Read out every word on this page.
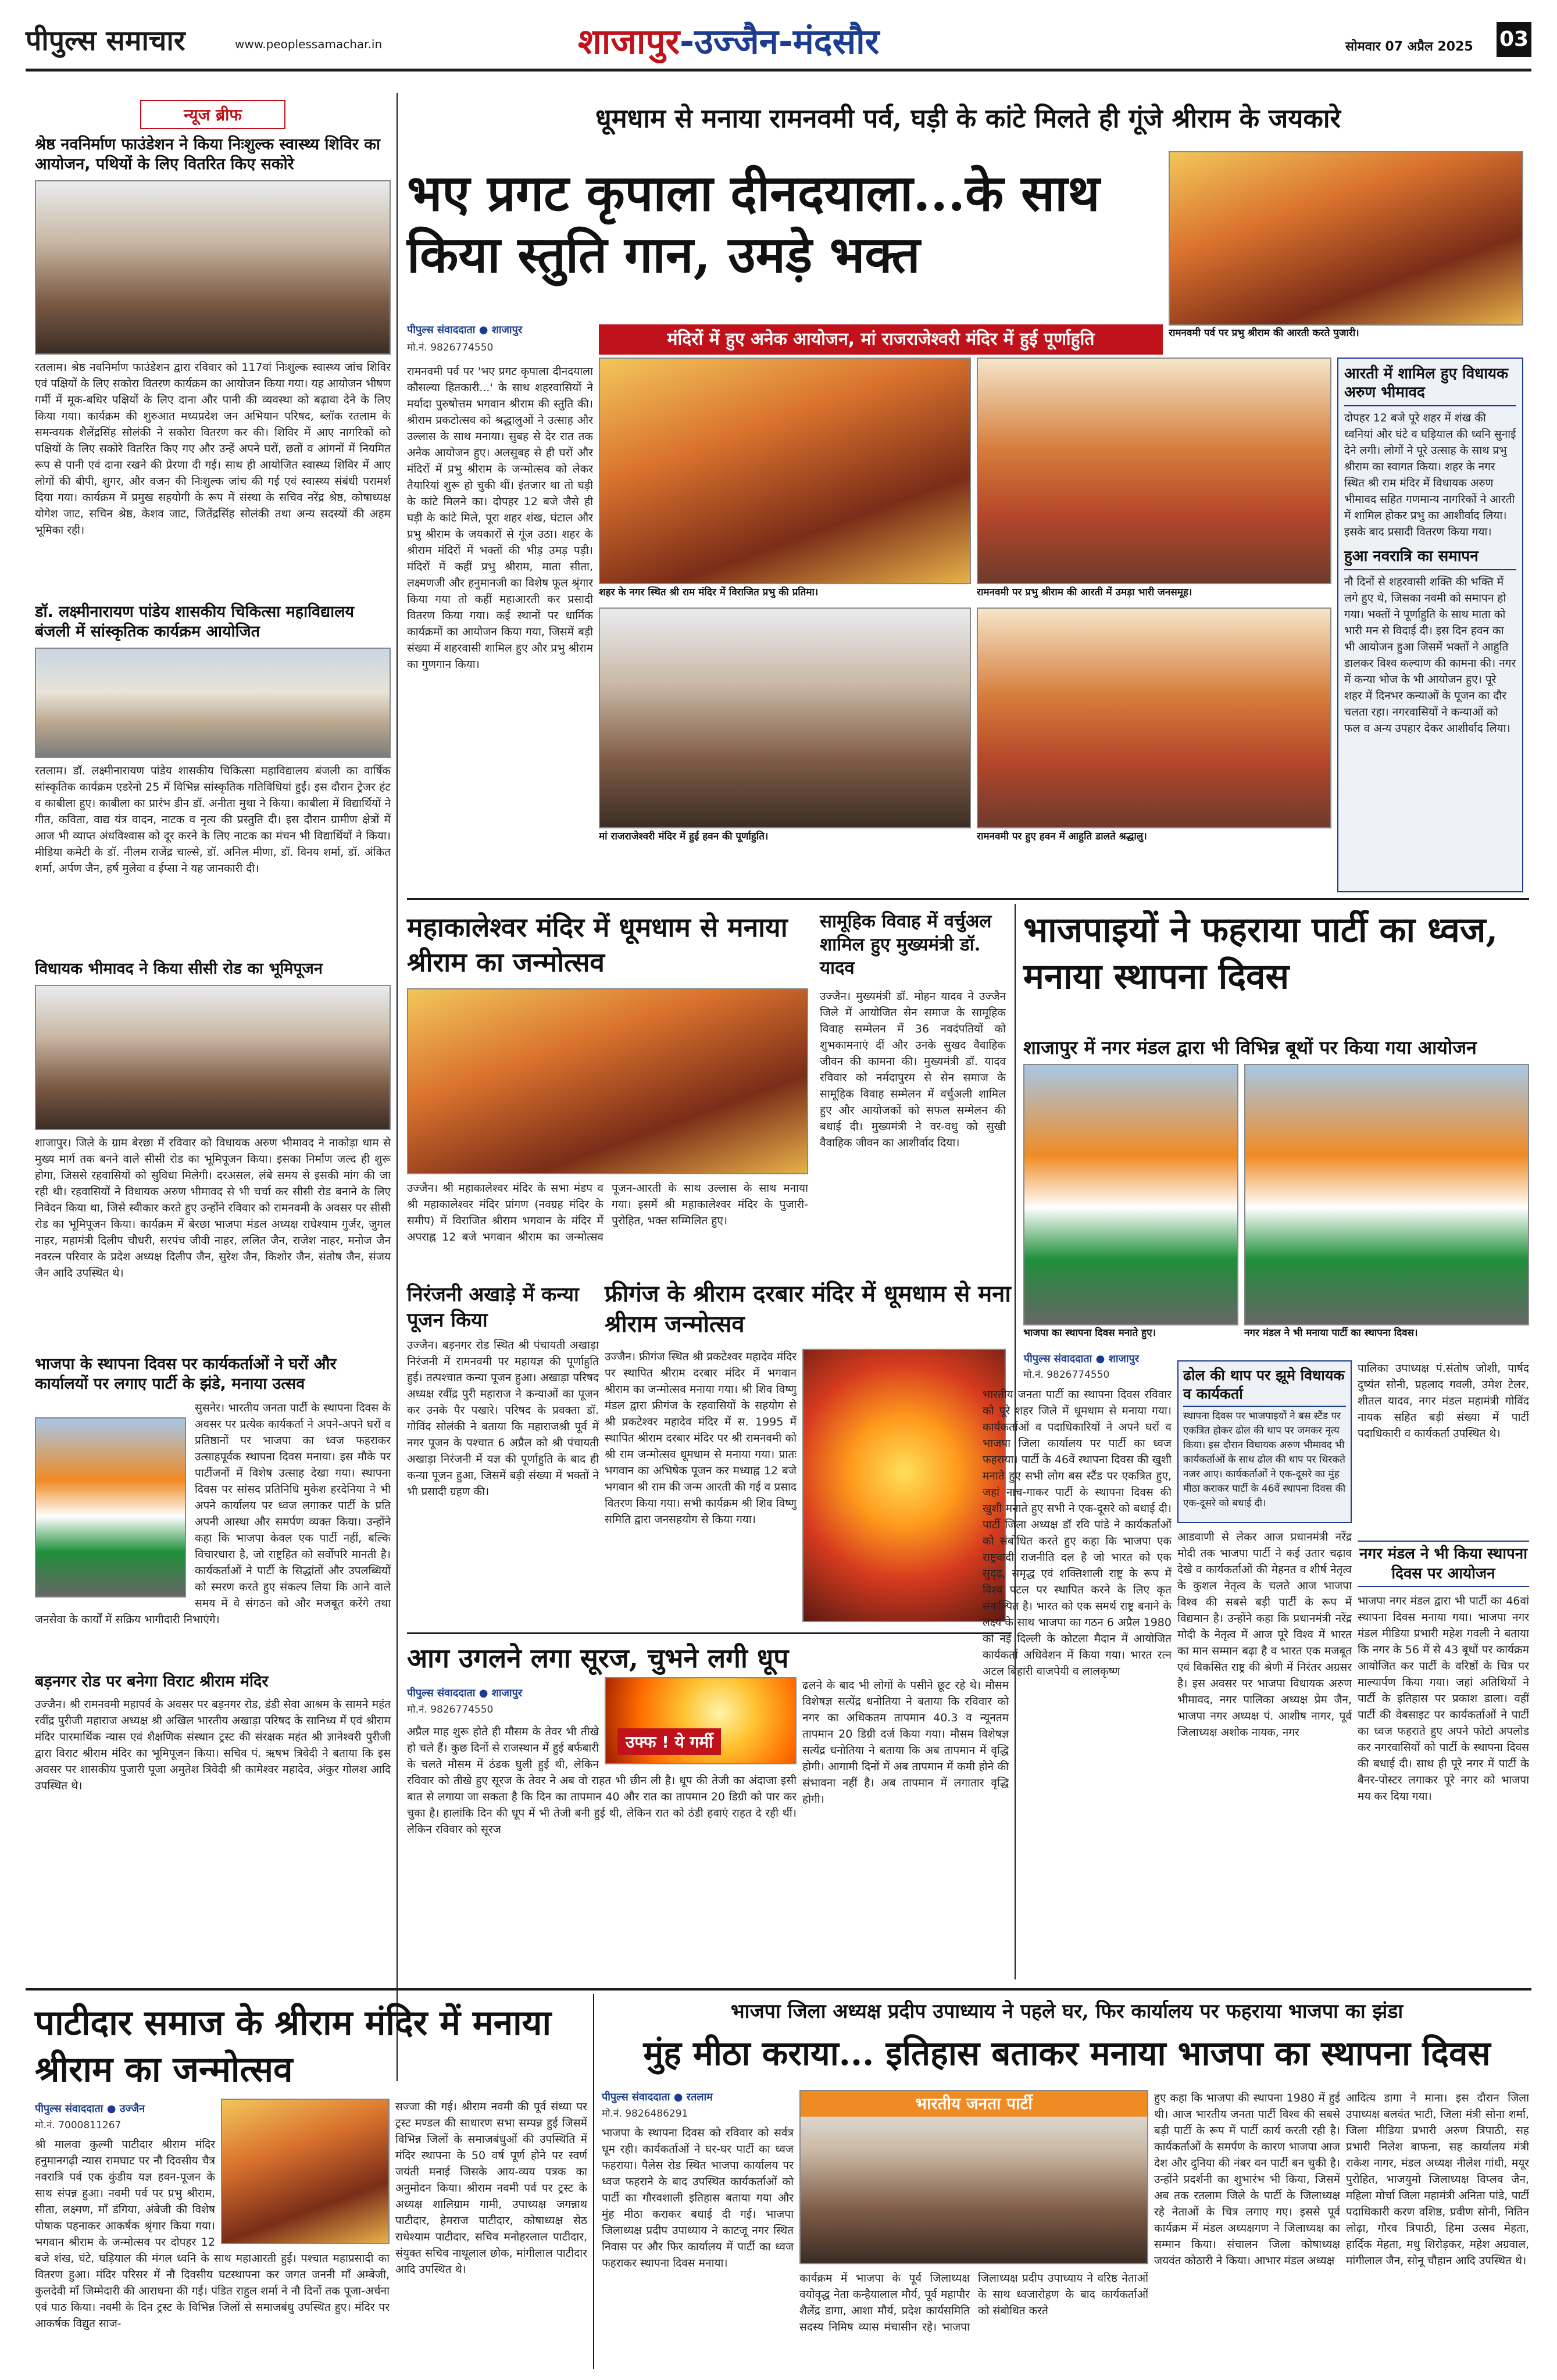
पीपुल्स समाचार	www.peoplessamachar.in	शाजापुर-उज्जैन-मंदसौर	सोमवार 07 अप्रैल 2025 03
न्यूज ब्रीफ
श्रेष्ठ नवनिर्माण फाउंडेशन ने किया निःशुल्क स्वास्थ्य शिविर का आयोजन, पथियों के लिए वितरित किए सकोरे
रतलाम। श्रेष्ठ नवनिर्माण फाउंडेशन द्वारा रविवार को 117वां निःशुल्क स्वास्थ्य जांच शिविर एवं पक्षियों के लिए सकोरा वितरण कार्यक्रम का आयोजन किया गया। यह आयोजन भीषण गर्मी में मूक-बधिर पक्षियों के लिए दाना और पानी की व्यवस्था को बढ़ावा देने के लिए किया गया। कार्यक्रम की शुरुआत मध्यप्रदेश जन अभियान परिषद, ब्लॉक रतलाम के समन्वयक शैलेंद्रसिंह सोलंकी ने सकोरा वितरण कर की। शिविर में आए नागरिकों को पक्षियों के लिए सकोरे वितरित किए गए और उन्हें अपने घरों, छतों व आंगनों में नियमित रूप से पानी एवं दाना रखने की प्रेरणा दी गई। साथ ही आयोजित स्वास्थ्य शिविर में आए लोगों की बीपी, शुगर, और वजन की निःशुल्क जांच की गई एवं स्वास्थ्य संबंधी परामर्श दिया गया। कार्यक्रम में प्रमुख सहयोगी के रूप में संस्था के सचिव नरेंद्र श्रेष्ठ, कोषाध्यक्ष योगेश जाट, सचिन श्रेष्ठ, केशव जाट, जितेंद्रसिंह सोलंकी तथा अन्य सदस्यों की अहम भूमिका रही।
डॉ. लक्ष्मीनारायण पांडेय शासकीय चिकित्सा महाविद्यालय बंजली में सांस्कृतिक कार्यक्रम आयोजित
रतलाम। डॉ. लक्ष्मीनारायण पांडेय शासकीय चिकित्सा महाविद्यालय बंजली का वार्षिक सांस्कृतिक कार्यक्रम एडरेनो 25 में विभिन्न सांस्कृतिक गतिविधियां हुईं। इस दौरान ट्रेजर हंट व काबीला हुए। काबीला का प्रारंभ डीन डॉ. अनीता मुथा ने किया। काबीला में विद्यार्थियों ने गीत, कविता, वाद्य यंत्र वादन, नाटक व नृत्य की प्रस्तुति दी। इस दौरान ग्रामीण क्षेत्रों में आज भी व्याप्त अंधविश्वास को दूर करने के लिए नाटक का मंचन भी विद्यार्थियों ने किया। मीडिया कमेटी के डॉ. नीलम राजेंद्र चाल्से, डॉ. अनिल मीणा, डॉ. विनय शर्मा, डॉ. अंकित शर्मा, अर्पण जैन, हर्ष मुलेवा व ईप्सा ने यह जानकारी दी।
विधायक भीमावद ने किया सीसी रोड का भूमिपूजन
शाजापुर। जिले के ग्राम बेरछा में रविवार को विधायक अरुण भीमावद ने नाकोड़ा धाम से मुख्य मार्ग तक बनने वाले सीसी रोड का भूमिपूजन किया। इसका निर्माण जल्द ही शुरू होगा, जिससे रहवासियों को सुविधा मिलेगी। दरअसल, लंबे समय से इसकी मांग की जा रही थी। रहवासियों ने विधायक अरुण भीमावद से भी चर्चा कर सीसी रोड बनाने के लिए निवेदन किया था, जिसे स्वीकार करते हुए उन्होंने रविवार को रामनवमी के अवसर पर सीसी रोड का भूमिपूजन किया। कार्यक्रम में बेरछा भाजपा मंडल अध्यक्ष राधेश्याम गुर्जर, जुगल नाहर, महामंत्री दिलीप चौधरी, सरपंच जीवी नाहर, ललित जैन, राजेश नाहर, मनोज जैन नवरत्न परिवार के प्रदेश अध्यक्ष दिलीप जैन, सुरेश जैन, किशोर जैन, संतोष जैन, संजय जैन आदि उपस्थित थे।
भाजपा के स्थापना दिवस पर कार्यकर्ताओं ने घरों और कार्यालयों पर लगाए पार्टी के झंडे, मनाया उत्सव
सुसनेर। भारतीय जनता पार्टी के स्थापना दिवस के अवसर पर प्रत्येक कार्यकर्ता ने अपने-अपने घरों व प्रतिष्ठानों पर भाजपा का ध्वज फहराकर उत्साहपूर्वक स्थापना दिवस मनाया। इस मौके पर पार्टीजनों में विशेष उत्साह देखा गया। स्थापना दिवस पर सांसद प्रतिनिधि मुकेश हरदेनिया ने भी अपने कार्यालय पर ध्वज लगाकर पार्टी के प्रति अपनी आस्था और समर्पण व्यक्त किया। उन्होंने कहा कि भाजपा केवल एक पार्टी नहीं, बल्कि विचारधारा है, जो राष्ट्रहित को सर्वोपरि मानती है। कार्यकर्ताओं ने पार्टी के सिद्धांतों और उपलब्धियों को स्मरण करते हुए संकल्प लिया कि आने वाले समय में वे संगठन को और मजबूत करेंगे तथा जनसेवा के कार्यों में सक्रिय भागीदारी निभाएंगे।
बड़नगर रोड पर बनेगा विराट श्रीराम मंदिर
उज्जैन। श्री रामनवमी महापर्व के अवसर पर बड़नगर रोड, डंडी सेवा आश्रम के सामने महंत रवींद्र पुरीजी महाराज अध्यक्ष श्री अखिल भारतीय अखाड़ा परिषद के सानिध्य में एवं श्रीराम मंदिर पारमार्थिक न्यास एवं शैक्षणिक संस्थान ट्रस्ट की संरक्षक महंत श्री ज्ञानेश्वरी पुरीजी द्वारा विराट श्रीराम मंदिर का भूमिपूजन किया। सचिव पं. ऋषभ त्रिवेदी ने बताया कि इस अवसर पर शासकीय पुजारी पूजा अमुतेश त्रिवेदी श्री कामेश्वर महादेव, अंकुर गोलश आदि उपस्थित थे।
धूमधाम से मनाया रामनवमी पर्व, घड़ी के कांटे मिलते ही गूंजे श्रीराम के जयकारे
भए प्रगट कृपाला दीनदयाला...के साथ किया स्तुति गान, उमड़े भक्त
रामनवमी पर्व पर प्रभु श्रीराम की आरती करते पुजारी।
पीपुल्स संवाददाता ● शाजापुर
मो.नं. 9826774550	मंदिरों में हुए अनेक आयोजन, मां राजराजेश्वरी मंदिर में हुई पूर्णाहुति
रामनवमी पर्व पर 'भए प्रगट कृपाला दीनदयाला कौसल्या हितकारी...' के साथ शहरवासियों ने मर्यादा पुरुषोत्तम भगवान श्रीराम की स्तुति की। श्रीराम प्रकटोत्सव को श्रद्धालुओं ने उत्साह और उल्लास के साथ मनाया। सुबह से देर रात तक अनेक आयोजन हुए। अलसुबह से ही घरों और मंदिरों में प्रभु श्रीराम के जन्मोत्सव को लेकर तैयारियां शुरू हो चुकी थीं। इंतजार था तो घड़ी के कांटे मिलने का। दोपहर 12 बजे जैसे ही घड़ी के कांटे मिले, पूरा शहर शंख, घंटाल और प्रभु श्रीराम के जयकारों से गूंज उठा। शहर के श्रीराम मंदिरों में भक्तों की भीड़ उमड़ पड़ी। मंदिरों में कहीं प्रभु श्रीराम, माता सीता, लक्ष्मणजी और हनुमानजी का विशेष फूल श्रृंगार किया गया तो कहीं महाआरती कर प्रसादी वितरण किया गया। कई स्थानों पर धार्मिक कार्यक्रमों का आयोजन किया गया, जिसमें बड़ी संख्या में शहरवासी शामिल हुए और प्रभु श्रीराम का गुणगान किया।
शहर के नगर स्थित श्री राम मंदिर में विराजित प्रभु की प्रतिमा।	रामनवमी पर प्रभु श्रीराम की आरती में उमड़ा भारी जनसमूह।
मां राजराजेश्वरी मंदिर में हुई हवन की पूर्णाहुति।	रामनवमी पर हुए हवन में आहुति डालते श्रद्धालु।
आरती में शामिल हुए विधायक अरुण भीमावद
दोपहर 12 बजे पूरे शहर में शंख की ध्वनियां और घंटे व घड़ियाल की ध्वनि सुनाई देने लगी। लोगों ने पूरे उत्साह के साथ प्रभु श्रीराम का स्वागत किया। शहर के नगर स्थित श्री राम मंदिर में विधायक अरुण भीमावद सहित गणमान्य नागरिकों ने आरती में शामिल होकर प्रभु का आशीर्वाद लिया। इसके बाद प्रसादी वितरण किया गया।
हुआ नवरात्रि का समापन
नौ दिनों से शहरवासी शक्ति की भक्ति में लगे हुए थे, जिसका नवमी को समापन हो गया। भक्तों ने पूर्णाहुति के साथ माता को भारी मन से विदाई दी। इस दिन हवन का भी आयोजन हुआ जिसमें भक्तों ने आहुति डालकर विश्व कल्याण की कामना की। नगर में कन्या भोज के भी आयोजन हुए। पूरे शहर में दिनभर कन्याओं के पूजन का दौर चलता रहा। नगरवासियों ने कन्याओं को फल व अन्य उपहार देकर आशीर्वाद लिया।
महाकालेश्वर मंदिर में धूमधाम से मनाया श्रीराम का जन्मोत्सव
उज्जैन। श्री महाकालेश्वर मंदिर के सभा मंडप व श्री महाकालेश्वर मंदिर प्रांगण (नवग्रह मंदिर के समीप) में विराजित श्रीराम भगवान के मंदिर में अपराह्न 12 बजे भगवान श्रीराम का जन्मोत्सव पूजन-आरती के साथ उल्लास के साथ मनाया गया। इसमें श्री महाकालेश्वर मंदिर के पुजारी-पुरोहित, भक्त सम्मिलित हुए।
निरंजनी अखाड़े में कन्या पूजन किया
उज्जैन। बड़नगर रोड स्थित श्री पंचायती अखाड़ा निरंजनी में रामनवमी पर महायज्ञ की पूर्णाहुति हुई। तत्पश्चात कन्या पूजन हुआ। अखाड़ा परिषद अध्यक्ष रवींद्र पुरी महाराज ने कन्याओं का पूजन कर उनके पैर पखारे। परिषद के प्रवक्ता डॉ. गोविंद सोलंकी ने बताया कि महाराजश्री पूर्व में नगर पूजन के पश्चात 6 अप्रैल को श्री पंचायती अखाड़ा निरंजनी में यज्ञ की पूर्णाहुति के बाद ही कन्या पूजन हुआ, जिसमें बड़ी संख्या में भक्तों ने भी प्रसादी ग्रहण की।
सामूहिक विवाह में वर्चुअल शामिल हुए मुख्यमंत्री डॉ. यादव
उज्जैन। मुख्यमंत्री डॉ. मोहन यादव ने उज्जैन जिले में आयोजित सेन समाज के सामूहिक विवाह सम्मेलन में 36 नवदंपतियों को शुभकामनाएं दीं और उनके सुखद वैवाहिक जीवन की कामना की। मुख्यमंत्री डॉ. यादव रविवार को नर्मदापुरम से सेन समाज के सामूहिक विवाह सम्मेलन में वर्चुअली शामिल हुए और आयोजकों को सफल सम्मेलन की बधाई दी। मुख्यमंत्री ने वर-वधु को सुखी वैवाहिक जीवन का आशीर्वाद दिया।
फ्रीगंज के श्रीराम दरबार मंदिर में धूमधाम से मना श्रीराम जन्मोत्सव
उज्जैन। फ्रीगंज स्थित श्री प्रकटेश्वर महादेव मंदिर पर स्थापित श्रीराम दरबार मंदिर में भगवान श्रीराम का जन्मोत्सव मनाया गया। श्री शिव विष्णु मंडल द्वारा फ्रीगंज के रहवासियों के सहयोग से श्री प्रकटेश्वर महादेव मंदिर में स. 1995 में स्थापित श्रीराम दरबार मंदिर पर श्री रामनवमी को श्री राम जन्मोत्सव धूमधाम से मनाया गया। प्रातः भगवान का अभिषेक पूजन कर मध्याह्न 12 बजे भगवान श्री राम की जन्म आरती की गई व प्रसाद वितरण किया गया। सभी कार्यक्रम श्री शिव विष्णु समिति द्वारा जनसहयोग से किया गया।
आग उगलने लगा सूरज, चुभने लगी धूप
पीपुल्स संवाददाता ● शाजापुर
मो.नं. 9826774550
उफ्फ ! ये गर्मी
अप्रैल माह शुरू होते ही मौसम के तेवर भी तीखे हो चले हैं। कुछ दिनों से राजस्थान में हुई बर्फबारी के चलते मौसम में ठंडक घुली हुई थी, लेकिन रविवार को तीखे हुए सूरज के तेवर ने अब वो राहत भी छीन ली है। धूप की तेजी का अंदाजा इसी बात से लगाया जा सकता है कि दिन का तापमान 40 और रात का तापमान 20 डिग्री को पार कर चुका है। हालांकि दिन की धूप में भी तेजी बनी हुई थी, लेकिन रात को ठंडी हवाएं राहत दे रही थीं। लेकिन रविवार को सूरज
ढलने के बाद भी लोगों के पसीने छूट रहे थे। मौसम विशेषज्ञ सत्येंद्र धनोतिया ने बताया कि रविवार को नगर का अधिकतम तापमान 40.3 व न्यूनतम तापमान 20 डिग्री दर्ज किया गया। मौसम विशेषज्ञ सत्येंद्र धनोतिया ने बताया कि अब तापमान में वृद्धि होगी। आगामी दिनों में अब तापमान में कमी होने की संभावना नहीं है। अब तापमान में लगातार वृद्धि होगी।
भाजपाइयों ने फहराया पार्टी का ध्वज, मनाया स्थापना दिवस
शाजापुर में नगर मंडल द्वारा भी विभिन्न बूथों पर किया गया आयोजन
भाजपा का स्थापना दिवस मनाते हुए।	नगर मंडल ने भी मनाया पार्टी का स्थापना दिवस।
पीपुल्स संवाददाता ● शाजापुर
मो.नं. 9826774550
भारतीय जनता पार्टी का स्थापना दिवस रविवार को पूरे शहर जिले में धूमधाम से मनाया गया। कार्यकर्ताओं व पदाधिकारियों ने अपने घरों व भाजपा जिला कार्यालय पर पार्टी का ध्वज फहराया। पार्टी के 46वें स्थापना दिवस की खुशी मनाते हुए सभी लोग बस स्टैंड पर एकत्रित हुए, जहां नाच-गाकर पार्टी के स्थापना दिवस की खुशी मनाते हुए सभी ने एक-दूसरे को बधाई दी। पार्टी जिला अध्यक्ष डॉ रवि पांडे ने कार्यकर्ताओं को संबोधित करते हुए कहा कि भाजपा एक राष्ट्रवादी राजनीति दल है जो भारत को एक सुदृढ़, समृद्ध एवं शक्तिशाली राष्ट्र के रूप में विश्व पटल पर स्थापित करने के लिए कृत संकल्पित है। भारत को एक समर्थ राष्ट्र बनाने के लक्ष्य के साथ भाजपा का गठन 6 अप्रैल 1980 को नई दिल्ली के कोटला मैदान में आयोजित कार्यकर्ता अधिवेशन में किया गया। भारत रत्न अटल बिहारी वाजपेयी व लालकृष्ण
ढोल की थाप पर झूमे विधायक व कार्यकर्ता
स्थापना दिवस पर भाजपाइयों ने बस स्टैंड पर एकत्रित होकर ढोल की थाप पर जमकर नृत्य किया। इस दौरान विधायक अरुण भीमावद भी कार्यकर्ताओं के साथ ढोल की थाप पर थिरकते नजर आए। कार्यकर्ताओं ने एक-दूसरे का मुंह मीठा कराकर पार्टी के 46वें स्थापना दिवस की एक-दूसरे को बधाई दी।
आडवाणी से लेकर आज प्रधानमंत्री नरेंद्र मोदी तक भाजपा पार्टी ने कई उतार चढ़ाव देखे व कार्यकर्ताओं की मेहनत व शीर्ष नेतृत्व के कुशल नेतृत्व के चलते आज भाजपा विश्व की सबसे बड़ी पार्टी के रूप में विद्यमान है। उन्होंने कहा कि प्रधानमंत्री नरेंद्र मोदी के नेतृत्व में आज पूरे विश्व में भारत का मान सम्मान बढ़ा है व भारत एक मजबूत एवं विकसित राष्ट्र की श्रेणी में निरंतर अग्रसर है। इस अवसर पर भाजपा विधायक अरुण भीमावद, नगर पालिका अध्यक्ष प्रेम जैन, भाजपा नगर अध्यक्ष पं. आशीष नागर, पूर्व जिलाध्यक्ष अशोक नायक, नगर
पालिका उपाध्यक्ष पं.संतोष जोशी, पार्षद दुष्यंत सोनी, प्रहलाद गवली, उमेश टेलर, शीतल यादव, नगर मंडल महामंत्री गोविंद नायक सहित बड़ी संख्या में पार्टी पदाधिकारी व कार्यकर्ता उपस्थित थे।
नगर मंडल ने भी किया स्थापना दिवस पर आयोजन
भाजपा नगर मंडल द्वारा भी पार्टी का 46वां स्थापना दिवस मनाया गया। भाजपा नगर मंडल मीडिया प्रभारी महेश गवली ने बताया कि नगर के 56 में से 43 बूथों पर कार्यक्रम आयोजित कर पार्टी के वरिष्ठों के चित्र पर माल्यार्पण किया गया। जहां अतिथियों ने पार्टी के इतिहास पर प्रकाश डाला। वहीं पार्टी की वेबसाइट पर कार्यकर्ताओं ने पार्टी का ध्वज फहराते हुए अपने फोटो अपलोड कर नगरवासियों को पार्टी के स्थापना दिवस की बधाई दी। साथ ही पूरे नगर में पार्टी के बैनर-पोस्टर लगाकर पूरे नगर को भाजपा मय कर दिया गया।
पाटीदार समाज के श्रीराम मंदिर में मनाया श्रीराम का जन्मोत्सव
पीपुल्स संवाददाता ● उज्जैन
मो.नं. 7000811267
श्री मालवा कुल्मी पाटीदार श्रीराम मंदिर हनुमानगढ़ी न्यास रामघाट पर नौ दिवसीय चैत्र नवरात्रि पर्व एक कुंडीय यज्ञ हवन-पूजन के साथ संपन्न हुआ। नवमी पर्व पर प्रभु श्रीराम, सीता, लक्ष्मण, माँ डंगिया, अंबेजी की विशेष पोषाक पहनाकर आकर्षक श्रृंगार किया गया। भगवान श्रीराम के जन्मोत्सव पर दोपहर 12 बजे शंख, घंटे, घड़ियाल की मंगल ध्वनि के साथ महाआरती हुई। पश्चात महाप्रसादी का वितरण हुआ। मंदिर परिसर में नौ दिवसीय घटस्थापना कर जगत जननी माँ अम्बेजी, कुलदेवी माँ जिम्मेदारी की आराधना की गई। पंडित राहुल शर्मा ने नौ दिनों तक पूजा-अर्चना एवं पाठ किया। नवमी के दिन ट्रस्ट के विभिन्न जिलों से समाजबंधु उपस्थित हुए। मंदिर पर आकर्षक विद्युत साज-
सज्जा की गई। श्रीराम नवमी की पूर्व संध्या पर ट्रस्ट मण्डल की साधारण सभा सम्पन्न हुई जिसमें विभिन्न जिलों के समाजबंधुओं की उपस्थिति में मंदिर स्थापना के 50 वर्ष पूर्ण होने पर स्वर्ण जयंती मनाई जिसके आय-व्यय पत्रक का अनुमोदन किया। श्रीराम नवमी पर्व पर ट्रस्ट के अध्यक्ष शालिग्राम गामी, उपाध्यक्ष जगन्नाथ पाटीदार, हेमराज पाटीदार, कोषाध्यक्ष सेठ राधेश्याम पाटीदार, सचिव मनोहरलाल पाटीदार, संयुक्त सचिव नाथूलाल छोक, मांगीलाल पाटीदार आदि उपस्थित थे।
भाजपा जिला अध्यक्ष प्रदीप उपाध्याय ने पहले घर, फिर कार्यालय पर फहराया भाजपा का झंडा
मुंह मीठा कराया... इतिहास बताकर मनाया भाजपा का स्थापना दिवस
पीपुल्स संवाददाता ● रतलाम
मो.नं. 9826486291
भाजपा के स्थापना दिवस को रविवार को सर्वत्र धूम रही। कार्यकर्ताओं ने घर-घर पार्टी का ध्वज फहराया। पैलेस रोड स्थित भाजपा कार्यालय पर ध्वज फहराने के बाद उपस्थित कार्यकर्ताओं को पार्टी का गौरवशाली इतिहास बताया गया और मुंह मीठा कराकर बधाई दी गई। भाजपा जिलाध्यक्ष प्रदीप उपाध्याय ने काटजू नगर स्थित निवास पर और फिर कार्यालय में पार्टी का ध्वज फहराकर स्थापना दिवस मनाया।
भारतीय जनता पार्टी
कार्यक्रम में भाजपा के पूर्व जिलाध्यक्ष वयोवृद्ध नेता कन्हैयालाल मौर्य, पूर्व महापौर शैलेंद्र डागा, आशा मौर्य, प्रदेश कार्यसमिति सदस्य निमिष व्यास मंचासीन रहे। भाजपा जिलाध्यक्ष प्रदीप उपाध्याय ने वरिष्ठ नेताओं के साथ ध्वजारोहण के बाद कार्यकर्ताओं को संबोधित करते
हुए कहा कि भाजपा की स्थापना 1980 में हुई थी। आज भारतीय जनता पार्टी विश्व की सबसे बड़ी पार्टी के रूप में पार्टी कार्य करती रही है। कार्यकर्ताओं के समर्पण के कारण भाजपा आज देश और दुनिया की नंबर वन पार्टी बन चुकी है। उन्होंने प्रदर्शनी का शुभारंभ भी किया, जिसमें अब तक रतलाम जिले के पार्टी के जिलाध्यक्ष रहे नेताओं के चित्र लगाए गए। इससे पूर्व कार्यक्रम में मंडल अध्यक्षगण ने जिलाध्यक्ष का सम्मान किया। संचालन जिला कोषाध्यक्ष जयवंत कोठारी ने किया। आभार मंडल अध्यक्ष
आदित्य डागा ने माना। इस दौरान जिला उपाध्यक्ष बलवंत भाटी, जिला मंत्री सोना शर्मा, जिला मीडिया प्रभारी अरुण त्रिपाठी, सह प्रभारी निलेश बाफना, सह कार्यालय मंत्री राकेश नागर, मंडल अध्यक्ष नीलेश गांधी, मयूर पुरोहित, भाजयुमो जिलाध्यक्ष विप्लव जैन, महिला मोर्चा जिला महामंत्री अनिता पांडे, पार्टी पदाधिकारी करण वशिष्ठ, प्रवीण सोनी, नितिन लोढ़ा, गौरव त्रिपाठी, हिमा उत्सव मेहता, हार्दिक मेहता, मधु शिरोड़कर, महेश अग्रवाल, मांगीलाल जैन, सोनू चौहान आदि उपस्थित थे।
